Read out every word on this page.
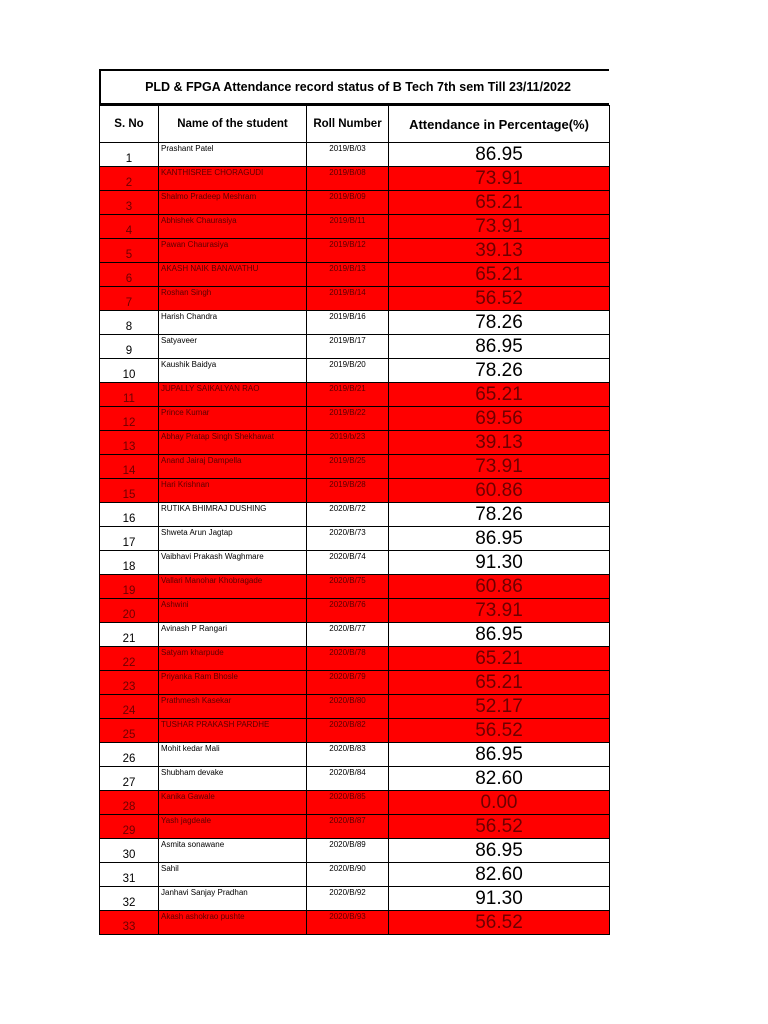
PLD & FPGA Attendance record status of B Tech 7th sem Till 23/11/2022
S. No	Name of the student	Roll Number	Attendance in Percentage(%)
1	Prashant Patel	2019/B/03	86.95
2	KANTHISREE CHORAGUDI	2019/B/08	73.91
3	Shalmo Pradeep Meshram	2019/B/09	65.21
4	Abhishek Chaurasiya	2019/B/11	73.91
5	Pawan Chaurasiya	2019/B/12	39.13
6	AKASH NAIK BANAVATHU	2019/B/13	65.21
7	Roshan Singh	2019/B/14	56.52
8	Harish Chandra	2019/B/16	78.26
9	Satyaveer	2019/B/17	86.95
10	Kaushik Baidya	2019/B/20	78.26
11	JUPALLY SAIKALYAN RAO	2019/B/21	65.21
12	Prince Kumar	2019/B/22	69.56
13	Abhay Pratap Singh Shekhawat	2019/b/23	39.13
14	Anand Jairaj Dampella	2019/B/25	73.91
15	Hari Krishnan	2019/B/28	60.86
16	RUTIKA BHIMRAJ DUSHING	2020/B/72	78.26
17	Shweta Arun Jagtap	2020/B/73	86.95
18	Vaibhavi Prakash Waghmare	2020/B/74	91.30
19	Vallari Manohar Khobragade	2020/B/75	60.86
20	Ashwini	2020/B/76	73.91
21	Avinash P Rangari	2020/B/77	86.95
22	Satyam kharpude	2020/B/78	65.21
23	Priyanka Ram Bhosle	2020/B/79	65.21
24	Prathmesh Kasekar	2020/B/80	52.17
25	TUSHAR PRAKASH PARDHE	2020/B/82	56.52
26	Mohit kedar Mali	2020/B/83	86.95
27	Shubham devake	2020/B/84	82.60
28	Kanika Gawale	2020/B/85	0.00
29	Yash jagdeale	2020/B/87	56.52
30	Asmita sonawane	2020/B/89	86.95
31	Sahil	2020/B/90	82.60
32	Janhavi Sanjay Pradhan	2020/B/92	91.30
33	Akash ashokrao pushte	2020/B/93	56.52
